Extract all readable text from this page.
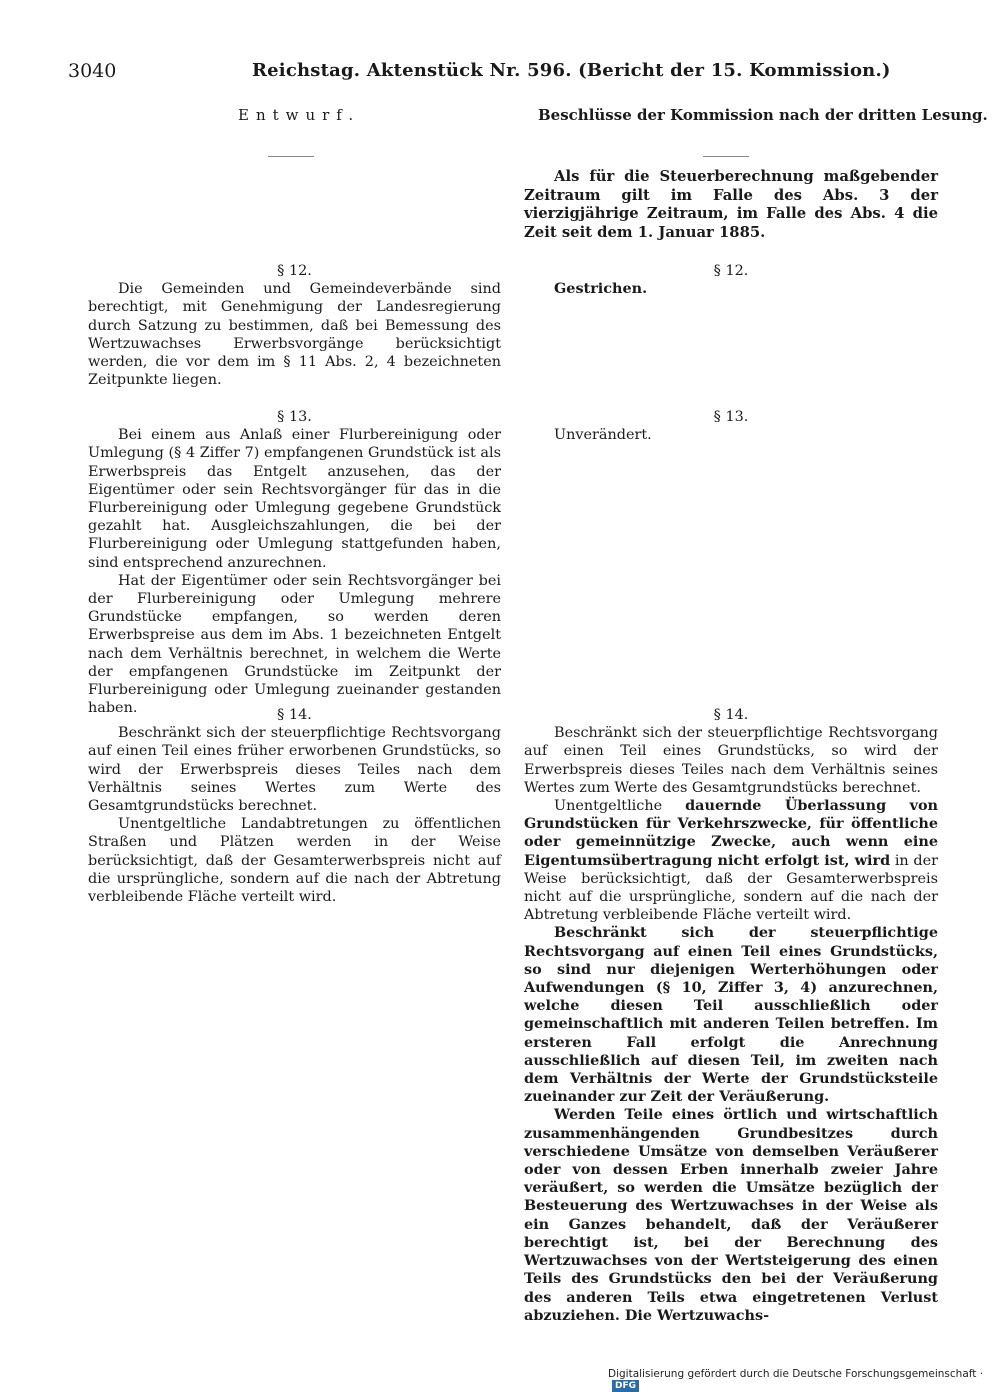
3040	Reichstag. Aktenstück Nr. 596. (Bericht der 15. Kommission.)
Entwurf.	Beschlüsse der Kommission nach der dritten Lesung.

Als für die Steuerberechnung maßgebender Zeitraum gilt im Falle des Abs. 3 der vierzigjährige Zeitraum, im Falle des Abs. 4 die Zeit seit dem 1. Januar 1885.

§ 12.

Die Gemeinden und Gemeindeverbände sind berechtigt, mit Genehmigung der Landesregierung durch Satzung zu bestimmen, daß bei Bemessung des Wertzuwachses Erwerbsvorgänge berücksichtigt werden, die vor dem im § 11 Abs. 2, 4 bezeichneten Zeitpunkte liegen.

§ 12.

Gestrichen.

§ 13.

Bei einem aus Anlaß einer Flurbereinigung oder Umlegung (§ 4 Ziffer 7) empfangenen Grundstück ist als Erwerbspreis das Entgelt anzusehen, das der Eigentümer oder sein Rechtsvorgänger für das in die Flurbereinigung oder Umlegung gegebene Grundstück gezahlt hat. Ausgleichszahlungen, die bei der Flurbereinigung oder Umlegung stattgefunden haben, sind entsprechend anzurechnen.

Hat der Eigentümer oder sein Rechtsvorgänger bei der Flurbereinigung oder Umlegung mehrere Grundstücke empfangen, so werden deren Erwerbspreise aus dem im Abs. 1 bezeichneten Entgelt nach dem Verhältnis berechnet, in welchem die Werte der empfangenen Grundstücke im Zeitpunkt der Flurbereinigung oder Umlegung zueinander gestanden haben.

§ 13.

Unverändert.

§ 14.

Beschränkt sich der steuerpflichtige Rechtsvorgang auf einen Teil eines früher erworbenen Grundstücks, so wird der Erwerbspreis dieses Teiles nach dem Verhältnis seines Wertes zum Werte des Gesamtgrundstücks berechnet.

Unentgeltliche Landabtretungen zu öffentlichen Straßen und Plätzen werden in der Weise berücksichtigt, daß der Gesamterwerbspreis nicht auf die ursprüngliche, sondern auf die nach der Abtretung verbleibende Fläche verteilt wird.

§ 14.

Beschränkt sich der steuerpflichtige Rechtsvorgang auf einen Teil eines Grundstücks, so wird der Erwerbspreis dieses Teiles nach dem Verhältnis seines Wertes zum Werte des Gesamtgrundstücks berechnet.

Unentgeltliche dauernde Überlassung von Grundstücken für Verkehrszwecke, für öffentliche oder gemeinnützige Zwecke, auch wenn eine Eigentumsübertragung nicht erfolgt ist, wird in der Weise berücksichtigt, daß der Gesamterwerbspreis nicht auf die ursprüngliche, sondern auf die nach der Abtretung verbleibende Fläche verteilt wird.

Beschränkt sich der steuerpflichtige Rechtsvorgang auf einen Teil eines Grundstücks, so sind nur diejenigen Werterhöhungen oder Aufwendungen (§ 10, Ziffer 3, 4) anzurechnen, welche diesen Teil ausschließlich oder gemeinschaftlich mit anderen Teilen betreffen. Im ersteren Fall erfolgt die Anrechnung ausschließlich auf diesen Teil, im zweiten nach dem Verhältnis der Werte der Grundstücksteile zueinander zur Zeit der Veräußerung.

Werden Teile eines örtlich und wirtschaftlich zusammenhängenden Grundbesitzes durch verschiedene Umsätze von demselben Veräußerer oder von dessen Erben innerhalb zweier Jahre veräußert, so werden die Umsätze bezüglich der Besteuerung des Wertzuwachses in der Weise als ein Ganzes behandelt, daß der Veräußerer berechtigt ist, bei der Berechnung des Wertzuwachses von der Wertsteigerung des einen Teils des Grundstücks den bei der Veräußerung des anderen Teils etwa eingetretenen Verlust abzuziehen. Die Wertzuwachs-

Digitalisierung gefördert durch die Deutsche Forschungsgemeinschaft ·DFG
